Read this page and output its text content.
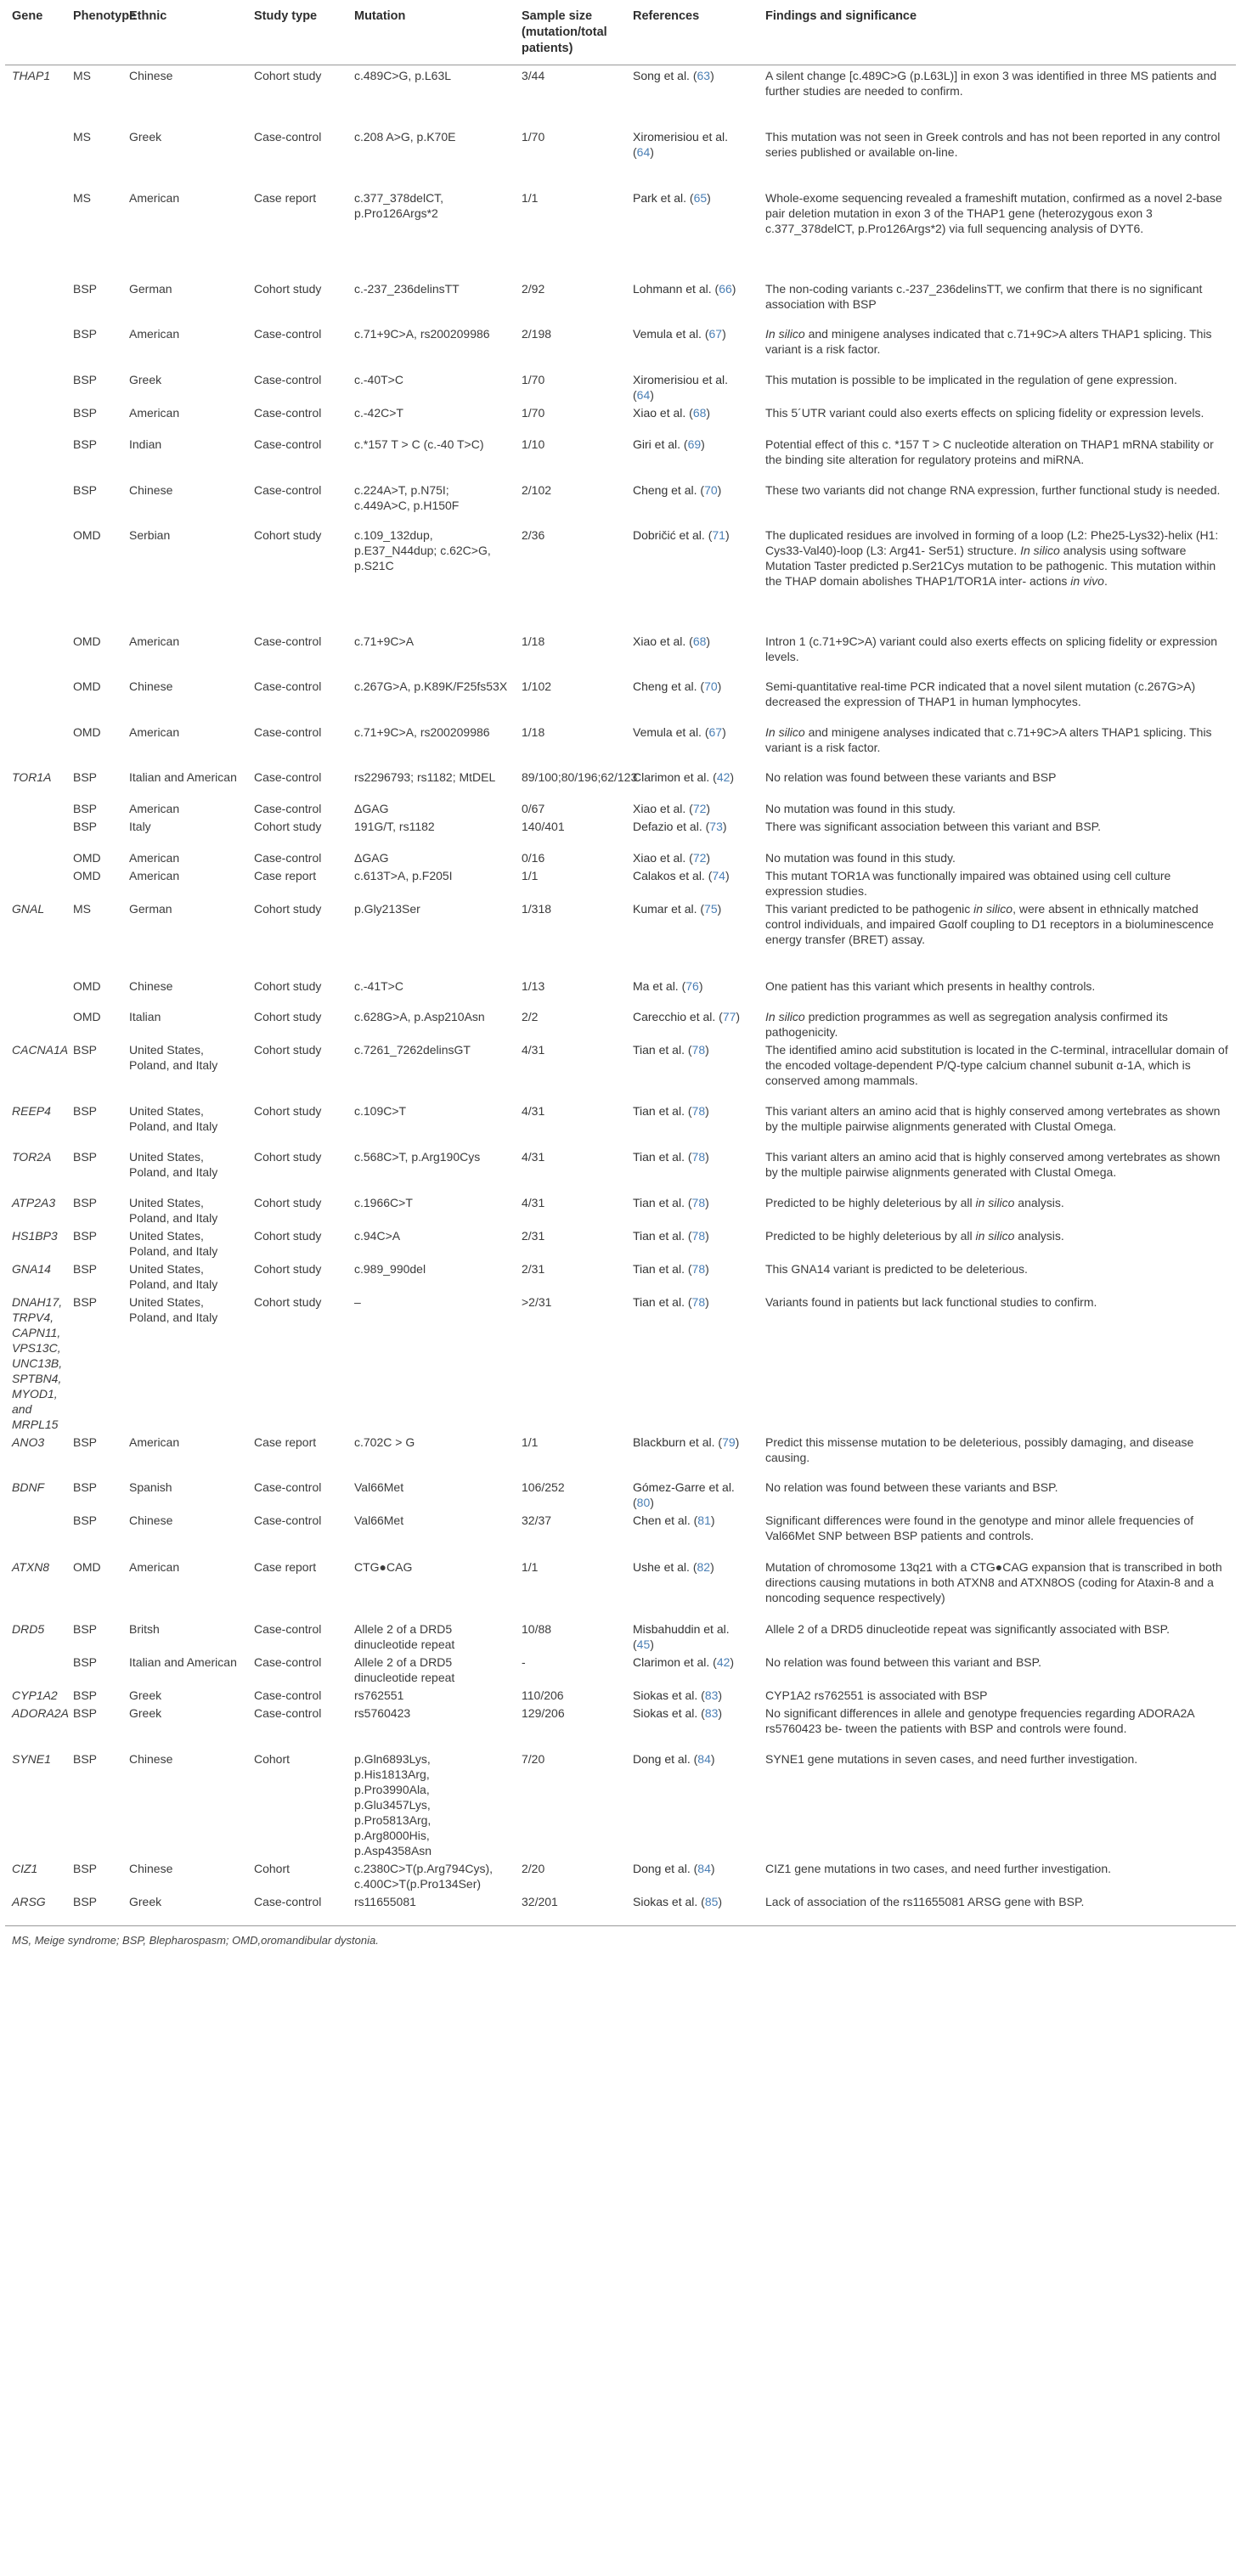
Gene	Phenotype	Ethnic	Study type	Mutation	Sample size (mutation/total patients)	References	Findings and significance
THAP1	MS	Chinese	Cohort study	c.489C>G, p.L63L	3/44	Song et al. (63)	A silent change [c.489C>G (p.L63L)] in exon 3 was identified in three MS patients and further studies are needed to confirm.
	MS	Greek	Case-control	c.208 A>G, p.K70E	1/70	Xiromerisiou et al. (64)	This mutation was not seen in Greek controls and has not been reported in any control series published or available on-line.
	MS	American	Case report	c.377_378delCT, p.Pro126Args*2	1/1	Park et al. (65)	Whole-exome sequencing revealed a frameshift mutation, confirmed as a novel 2-base pair deletion mutation in exon 3 of the THAP1 gene (heterozygous exon 3 c.377_378delCT, p.Pro126Args*2) via full sequencing analysis of DYT6.
	BSP	German	Cohort study	c.-237_236delinsTT	2/92	Lohmann et al. (66)	The non-coding variants c.-237_236delinsTT, we confirm that there is no significant association with BSP
	BSP	American	Case-control	c.71+9C>A, rs200209986	2/198	Vemula et al. (67)	In silico and minigene analyses indicated that c.71+9C>A alters THAP1 splicing. This variant is a risk factor.
	BSP	Greek	Case-control	c.-40T>C	1/70	Xiromerisiou et al. (64)	This mutation is possible to be implicated in the regulation of gene expression.
	BSP	American	Case-control	c.-42C>T	1/70	Xiao et al. (68)	This 5´UTR variant could also exerts effects on splicing fidelity or expression levels.
	BSP	Indian	Case-control	c.*157 T > C (c.-40 T>C)	1/10	Giri et al. (69)	Potential effect of this c. *157 T > C nucleotide alteration on THAP1 mRNA stability or the binding site alteration for regulatory proteins and miRNA.
	BSP	Chinese	Case-control	c.224A>T, p.N75I; c.449A>C, p.H150F	2/102	Cheng et al. (70)	These two variants did not change RNA expression, further functional study is needed.
	OMD	Serbian	Cohort study	c.109_132dup, p.E37_N44dup; c.62C>G, p.S21C	2/36	Dobričić et al. (71)	The duplicated residues are involved in forming of a loop (L2: Phe25-Lys32)-helix (H1: Cys33-Val40)-loop (L3: Arg41- Ser51) structure. In silico analysis using software Mutation Taster predicted p.Ser21Cys mutation to be pathogenic. This mutation within the THAP domain abolishes THAP1/TOR1A inter- actions in vivo.
	OMD	American	Case-control	c.71+9C>A	1/18	Xiao et al. (68)	Intron 1 (c.71+9C>A) variant could also exerts effects on splicing fidelity or expression levels.
	OMD	Chinese	Case-control	c.267G>A, p.K89K/F25fs53X	1/102	Cheng et al. (70)	Semi-quantitative real-time PCR indicated that a novel silent mutation (c.267G>A) decreased the expression of THAP1 in human lymphocytes.
	OMD	American	Case-control	c.71+9C>A, rs200209986	1/18	Vemula et al. (67)	In silico and minigene analyses indicated that c.71+9C>A alters THAP1 splicing. This variant is a risk factor.
TOR1A	BSP	Italian and American	Case-control	rs2296793; rs1182; MtDEL	89/100;80/196;62/123	Clarimon et al. (42)	No relation was found between these variants and BSP
	BSP	American	Case-control	ΔGAG	0/67	Xiao et al. (72)	No mutation was found in this study.
	BSP	Italy	Cohort study	191G/T, rs1182	140/401	Defazio et al. (73)	There was significant association between this variant and BSP.
	OMD	American	Case-control	ΔGAG	0/16	Xiao et al. (72)	No mutation was found in this study.
	OMD	American	Case report	c.613T>A, p.F205I	1/1	Calakos et al. (74)	This mutant TOR1A was functionally impaired was obtained using cell culture expression studies.
GNAL	MS	German	Cohort study	p.Gly213Ser	1/318	Kumar et al. (75)	This variant predicted to be pathogenic in silico, were absent in ethnically matched control individuals, and impaired Gαolf coupling to D1 receptors in a bioluminescence energy transfer (BRET) assay.
	OMD	Chinese	Cohort study	c.-41T>C	1/13	Ma et al. (76)	One patient has this variant which presents in healthy controls.
	OMD	Italian	Cohort study	c.628G>A, p.Asp210Asn	2/2	Carecchio et al. (77)	In silico prediction programmes as well as segregation analysis confirmed its pathogenicity.
CACNA1A	BSP	United States, Poland, and Italy	Cohort study	c.7261_7262delinsGT	4/31	Tian et al. (78)	The identified amino acid substitution is located in the C-terminal, intracellular domain of the encoded voltage-dependent P/Q-type calcium channel subunit α-1A, which is conserved among mammals.
REEP4	BSP	United States, Poland, and Italy	Cohort study	c.109C>T	4/31	Tian et al. (78)	This variant alters an amino acid that is highly conserved among vertebrates as shown by the multiple pairwise alignments generated with Clustal Omega.
TOR2A	BSP	United States, Poland, and Italy	Cohort study	c.568C>T, p.Arg190Cys	4/31	Tian et al. (78)	This variant alters an amino acid that is highly conserved among vertebrates as shown by the multiple pairwise alignments generated with Clustal Omega.
ATP2A3	BSP	United States, Poland, and Italy	Cohort study	c.1966C>T	4/31	Tian et al. (78)	Predicted to be highly deleterious by all in silico analysis.
HS1BP3	BSP	United States, Poland, and Italy	Cohort study	c.94C>A	2/31	Tian et al. (78)	Predicted to be highly deleterious by all in silico analysis.
GNA14	BSP	United States, Poland, and Italy	Cohort study	c.989_990del	2/31	Tian et al. (78)	This GNA14 variant is predicted to be deleterious.
DNAH17, TRPV4, CAPN11, VPS13C, UNC13B, SPTBN4, MYOD1, and MRPL15	BSP	United States, Poland, and Italy	Cohort study	–	>2/31	Tian et al. (78)	Variants found in patients but lack functional studies to confirm.
ANO3	BSP	American	Case report	c.702C > G	1/1	Blackburn et al. (79)	Predict this missense mutation to be deleterious, possibly damaging, and disease causing.
BDNF	BSP	Spanish	Case-control	Val66Met	106/252	Gómez-Garre et al. (80)	No relation was found between these variants and BSP.
	BSP	Chinese	Case-control	Val66Met	32/37	Chen et al. (81)	Significant differences were found in the genotype and minor allele frequencies of Val66Met SNP between BSP patients and controls.
ATXN8	OMD	American	Case report	CTG●CAG	1/1	Ushe et al. (82)	Mutation of chromosome 13q21 with a CTG●CAG expansion that is transcribed in both directions causing mutations in both ATXN8 and ATXN8OS (coding for Ataxin-8 and a noncoding sequence respectively)
DRD5	BSP	Britsh	Case-control	Allele 2 of a DRD5 dinucleotide repeat	10/88	Misbahuddin et al. (45)	Allele 2 of a DRD5 dinucleotide repeat was significantly associated with BSP.
	BSP	Italian and American	Case-control	Allele 2 of a DRD5 dinucleotide repeat	-	Clarimon et al. (42)	No relation was found between this variant and BSP.
CYP1A2	BSP	Greek	Case-control	rs762551	110/206	Siokas et al. (83)	CYP1A2 rs762551 is associated with BSP
ADORA2A	BSP	Greek	Case-control	rs5760423	129/206	Siokas et al. (83)	No significant differences in allele and genotype frequencies regarding ADORA2A rs5760423 be- tween the patients with BSP and controls were found.
SYNE1	BSP	Chinese	Cohort	p.Gln6893Lys, p.His1813Arg, p.Pro3990Ala, p.Glu3457Lys, p.Pro5813Arg, p.Arg8000His, p.Asp4358Asn	7/20	Dong et al. (84)	SYNE1 gene mutations in seven cases, and need further investigation.
CIZ1	BSP	Chinese	Cohort	c.2380C>T(p.Arg794Cys), c.400C>T(p.Pro134Ser)	2/20	Dong et al. (84)	CIZ1 gene mutations in two cases, and need further investigation.
ARSG	BSP	Greek	Case-control	rs11655081	32/201	Siokas et al. (85)	Lack of association of the rs11655081 ARSG gene with BSP.
MS, Meige syndrome; BSP, Blepharospasm; OMD,oromandibular dystonia.
